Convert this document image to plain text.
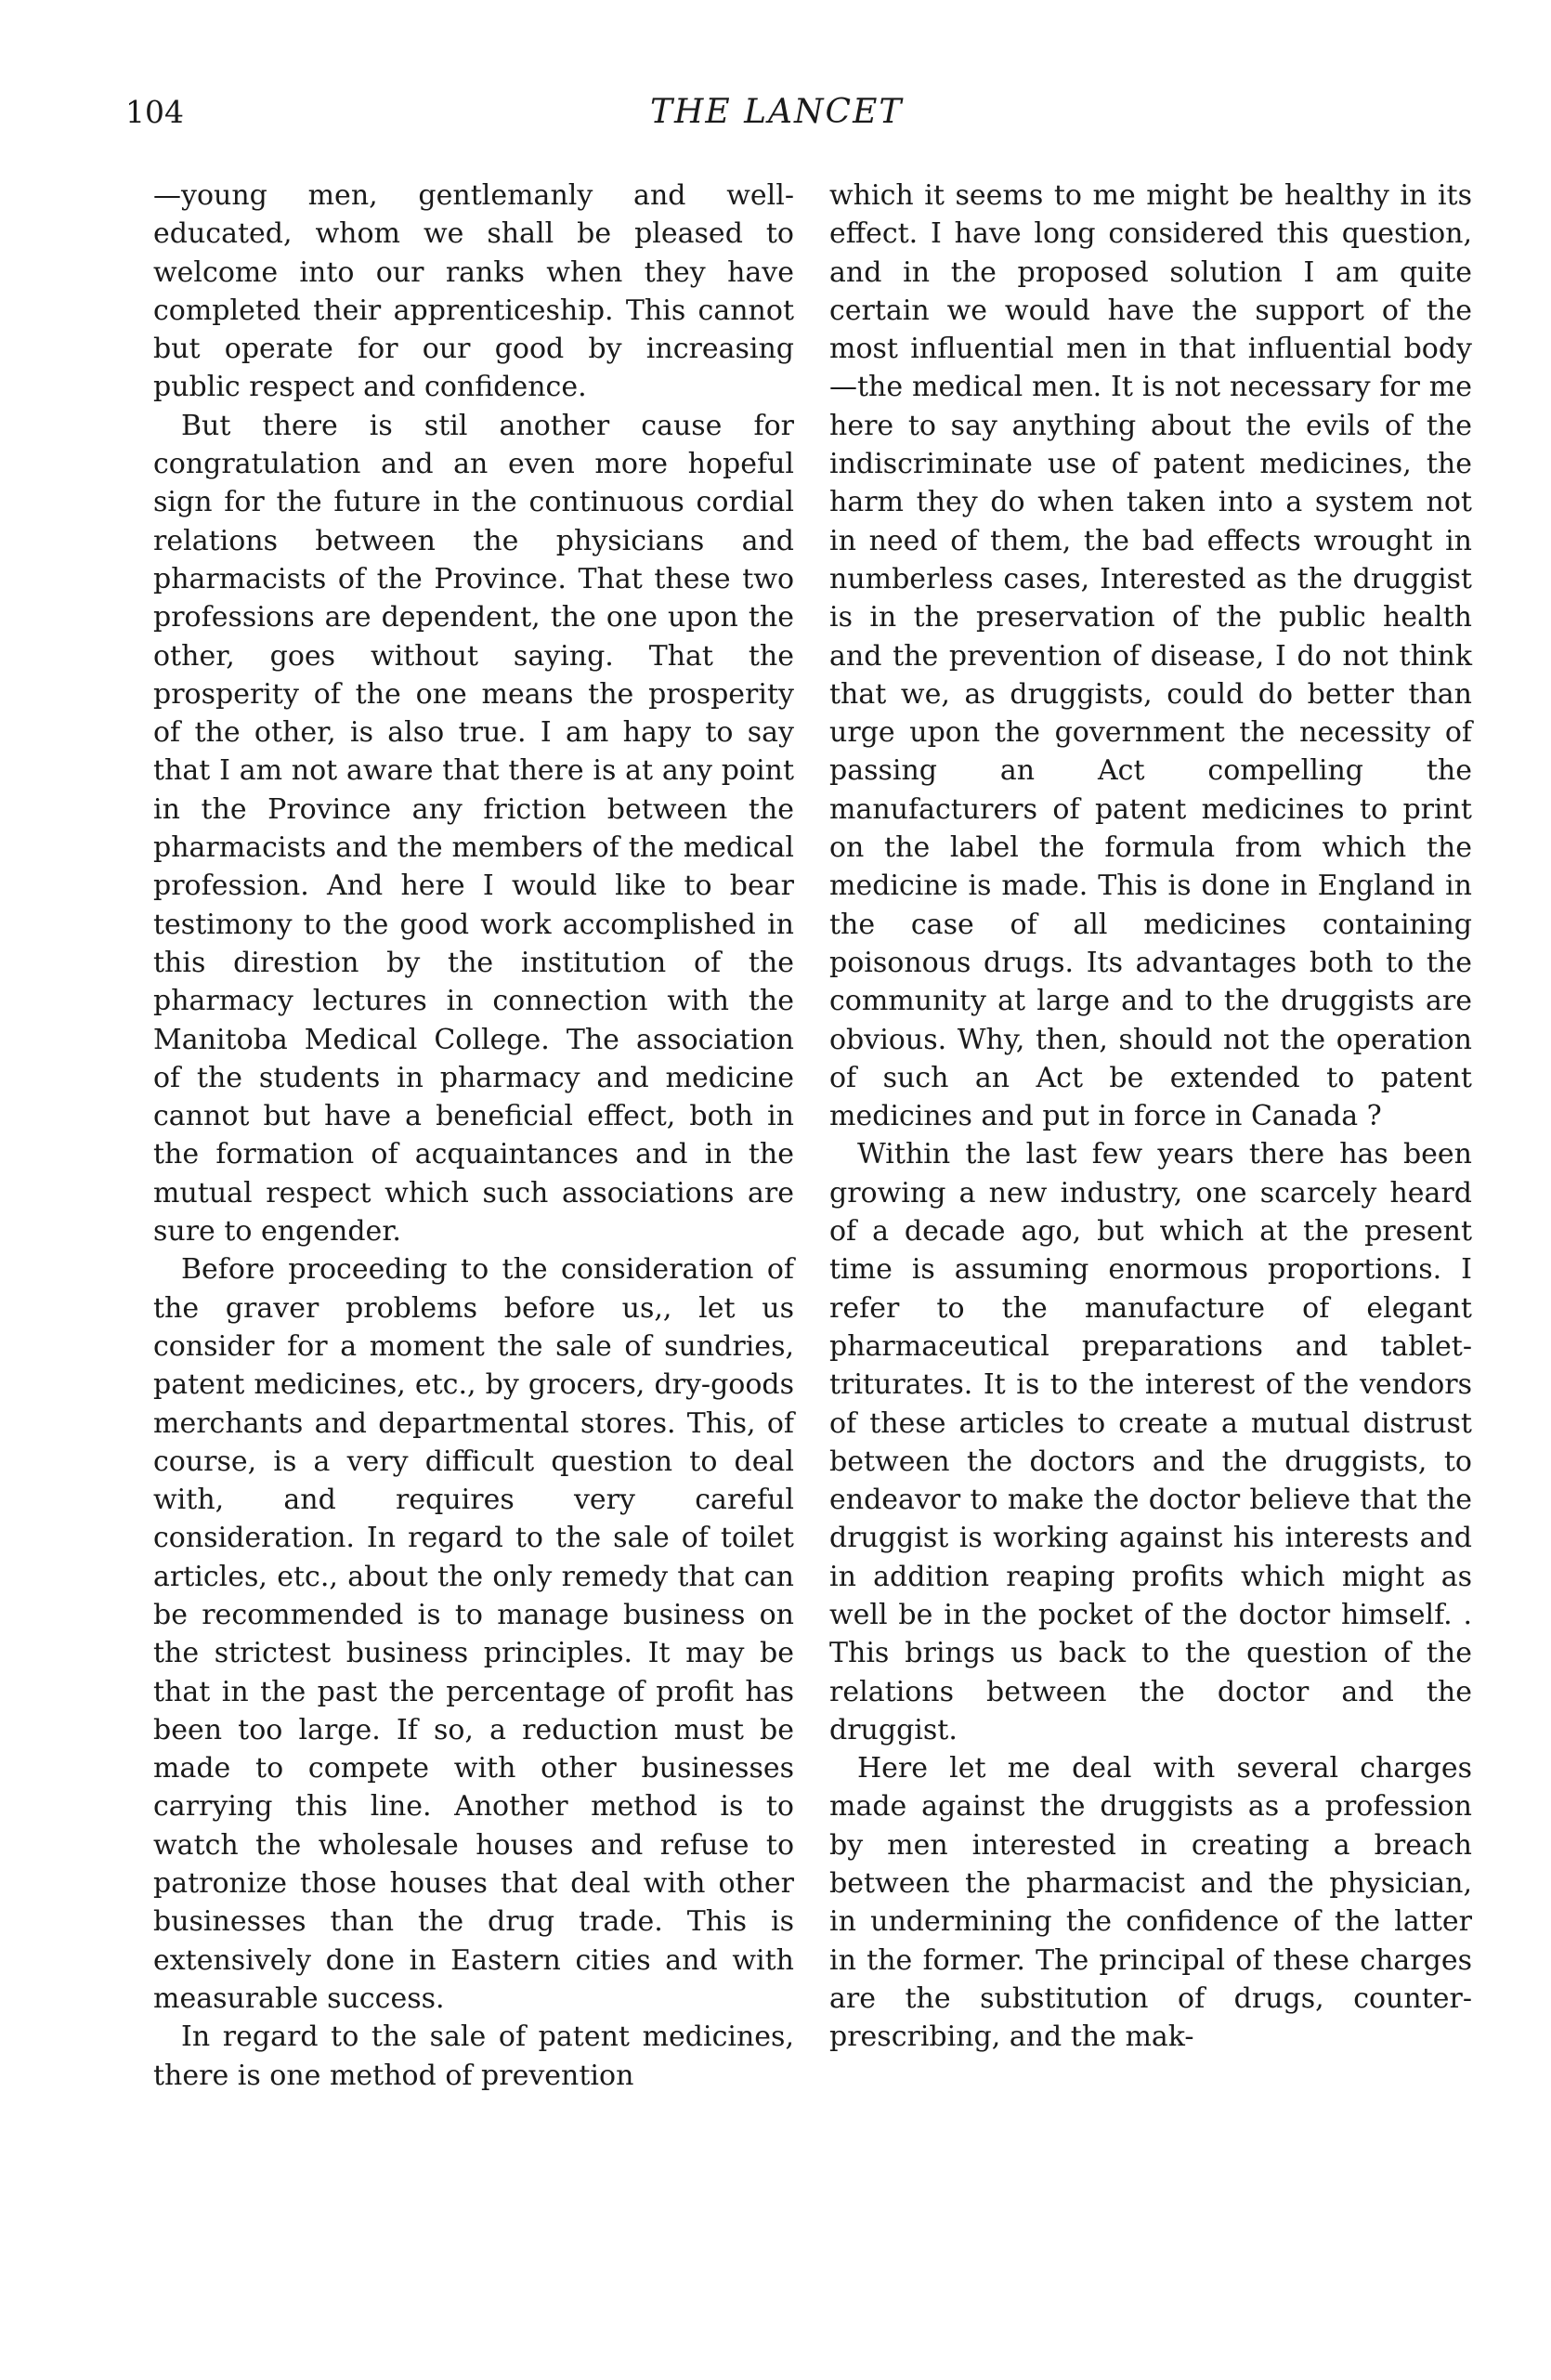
104	THE LANCET

—young men, gentlemanly and well-educated, whom we shall be pleased to welcome into our ranks when they have completed their apprenticeship. This cannot but operate for our good by increasing public respect and confidence.

But there is stil another cause for congratulation and an even more hopeful sign for the future in the continuous cordial relations between the physicians and pharmacists of the Province. That these two professions are dependent, the one upon the other, goes without saying. That the prosperity of the one means the prosperity of the other, is also true. I am hapy to say that I am not aware that there is at any point in the Province any friction between the pharmacists and the members of the medical profession. And here I would like to bear testimony to the good work accomplished in this direstion by the institution of the pharmacy lectures in connection with the Manitoba Medical College. The association of the students in pharmacy and medicine cannot but have a beneficial effect, both in the formation of acquaintances and in the mutual respect which such associations are sure to engender.

Before proceeding to the consideration of the graver problems before us,, let us consider for a moment the sale of sundries, patent medicines, etc., by grocers, dry-goods merchants and departmental stores. This, of course, is a very difficult question to deal with, and requires very careful consideration. In regard to the sale of toilet articles, etc., about the only remedy that can be recommended is to manage business on the strictest business principles. It may be that in the past the percentage of profit has been too large. If so, a reduction must be made to compete with other businesses carrying this line. Another method is to watch the wholesale houses and refuse to patronize those houses that deal with other businesses than the drug trade. This is extensively done in Eastern cities and with measurable success.

In regard to the sale of patent medicines, there is one method of prevention

which it seems to me might be healthy in its effect. I have long considered this question, and in the proposed solution I am quite certain we would have the support of the most influential men in that influential body—the medical men. It is not necessary for me here to say anything about the evils of the indiscriminate use of patent medicines, the harm they do when taken into a system not in need of them, the bad effects wrought in numberless cases, Interested as the druggist is in the preservation of the public health and the prevention of disease, I do not think that we, as druggists, could do better than urge upon the government the necessity of passing an Act compelling the manufacturers of patent medicines to print on the label the formula from which the medicine is made. This is done in England in the case of all medicines containing poisonous drugs. Its advantages both to the community at large and to the druggists are obvious. Why, then, should not the operation of such an Act be extended to patent medicines and put in force in Canada ?

Within the last few years there has been growing a new industry, one scarcely heard of a decade ago, but which at the present time is assuming enormous proportions. I refer to the manufacture of elegant pharmaceutical preparations and tablet-triturates. It is to the interest of the vendors of these articles to create a mutual distrust between the doctors and the druggists, to endeavor to make the doctor believe that the druggist is working against his interests and in addition reaping profits which might as well be in the pocket of the doctor himself. . This brings us back to the question of the relations between the doctor and the druggist.

Here let me deal with several charges made against the druggists as a profession by men interested in creating a breach between the pharmacist and the physician, in undermining the confidence of the latter in the former. The principal of these charges are the substitution of drugs, counter-prescribing, and the mak-
